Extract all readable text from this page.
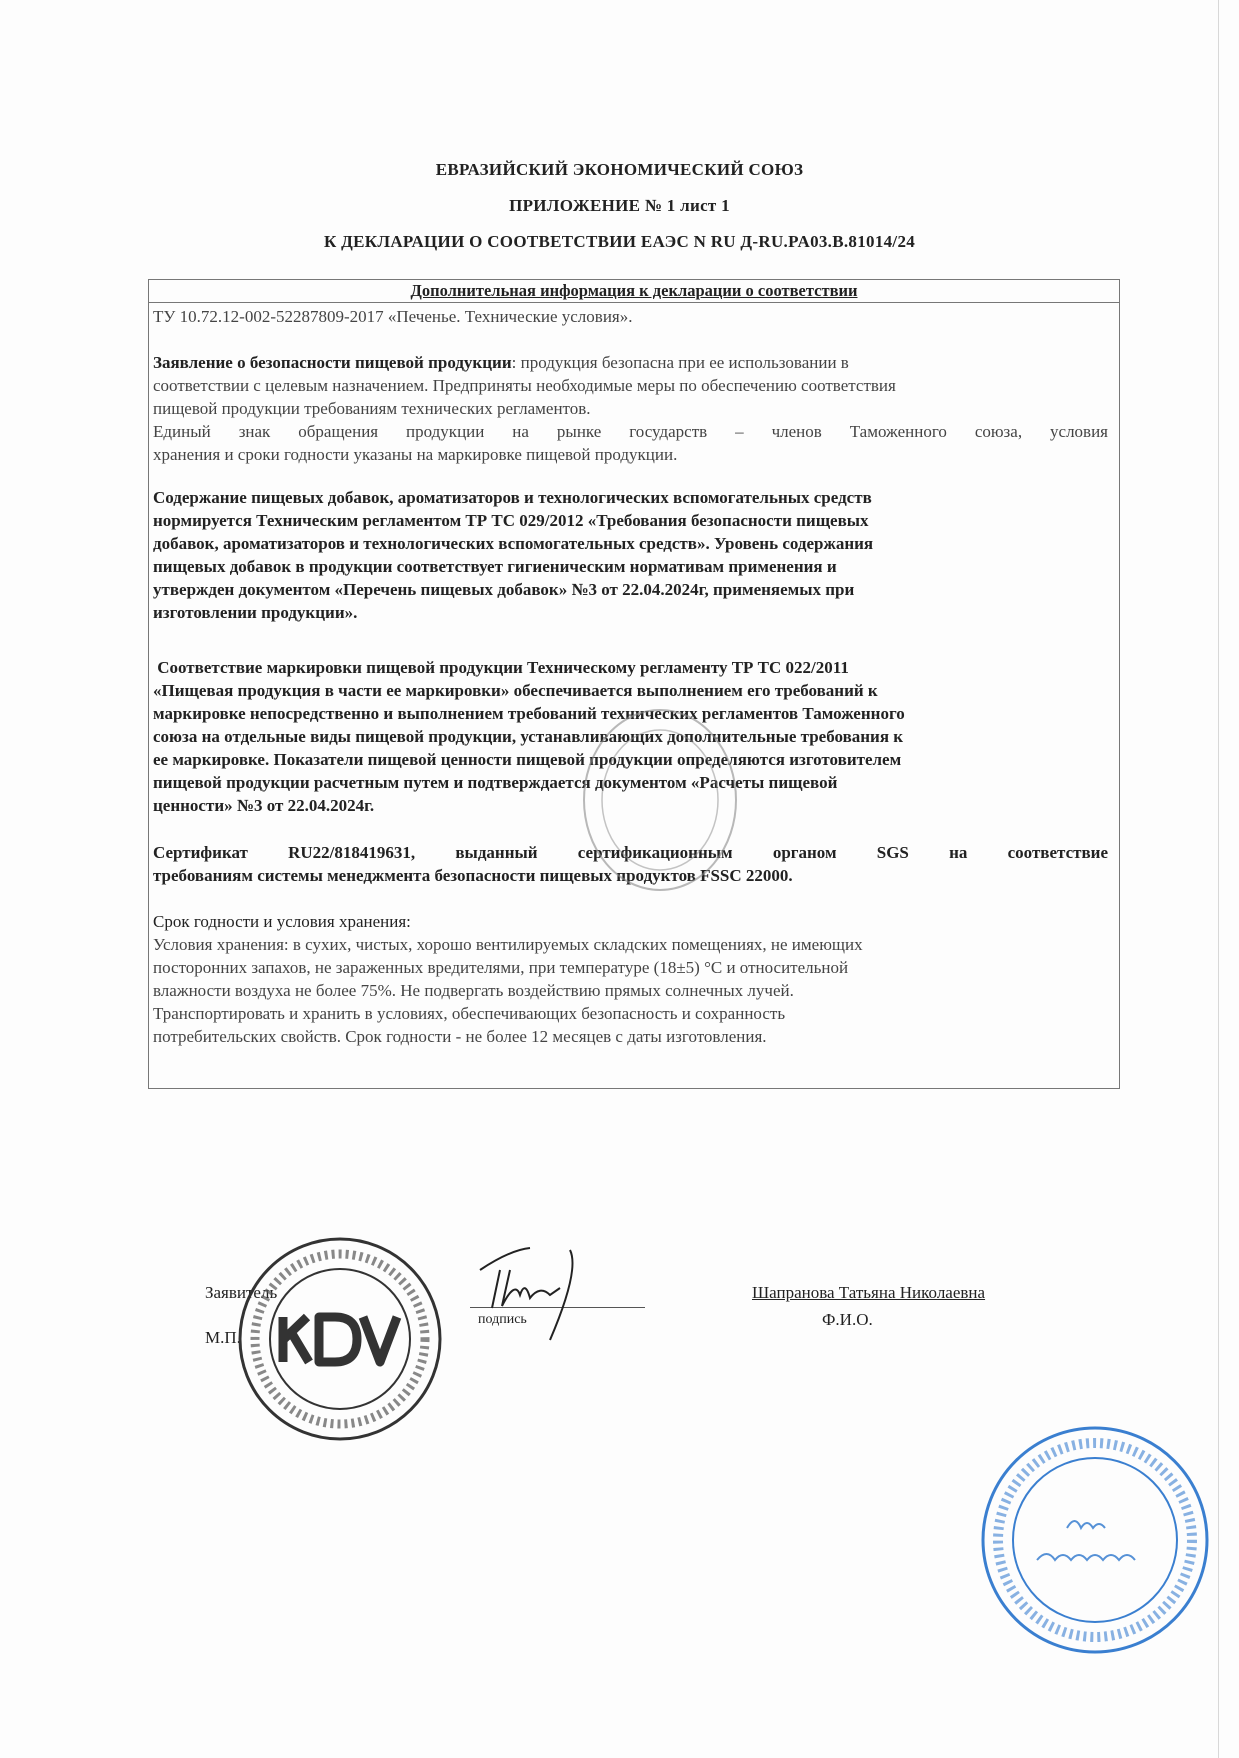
ЕВРАЗИЙСКИЙ ЭКОНОМИЧЕСКИЙ СОЮЗ
ПРИЛОЖЕНИЕ № 1 лист 1
К ДЕКЛАРАЦИИ О СООТВЕТСТВИИ ЕАЭС N RU Д-RU.PA03.B.81014/24
Дополнительная информация к декларации о соответствии
ТУ 10.72.12-002-52287809-2017 «Печенье. Технические условия».
Заявление о безопасности пищевой продукции: продукция безопасна при ее использовании в
соответствии с целевым назначением. Предприняты необходимые меры по обеспечению соответствия
пищевой продукции требованиям технических регламентов.
Единый знак обращения продукции на рынке государств – членов Таможенного союза, условия
хранения и сроки годности указаны на маркировке пищевой продукции.
Содержание пищевых добавок, ароматизаторов и технологических вспомогательных средств
нормируется Техническим регламентом ТР ТС 029/2012 «Требования безопасности пищевых
добавок, ароматизаторов и технологических вспомогательных средств». Уровень содержания
пищевых добавок в продукции соответствует гигиеническим нормативам применения и
утвержден документом «Перечень пищевых добавок» №3 от 22.04.2024г, применяемых при
изготовлении продукции».
Соответствие маркировки пищевой продукции Техническому регламенту ТР ТС 022/2011
«Пищевая продукция в части ее маркировки» обеспечивается выполнением его требований к
маркировке непосредственно и выполнением требований технических регламентов Таможенного
союза на отдельные виды пищевой продукции, устанавливающих дополнительные требования к
ее маркировке. Показатели пищевой ценности пищевой продукции определяются изготовителем
пищевой продукции расчетным путем и подтверждается документом «Расчеты пищевой
ценности» №3 от 22.04.2024г.
Сертификат RU22/818419631, выданный сертификационным органом SGS на соответствие
требованиям системы менеджмента безопасности пищевых продуктов FSSC 22000.
Срок годности и условия хранения:
Условия хранения: в сухих, чистых, хорошо вентилируемых складских помещениях, не имеющих
посторонних запахов, не зараженных вредителями, при температуре (18±5) °С и относительной
влажности воздуха не более 75%. Не подвергать воздействию прямых солнечных лучей.
Транспортировать и хранить в условиях, обеспечивающих безопасность и сохранность
потребительских свойств. Срок годности - не более 12 месяцев с даты изготовления.
Заявитель
М.П.
подпись
Шапранова Татьяна Николаевна
Ф.И.О.
